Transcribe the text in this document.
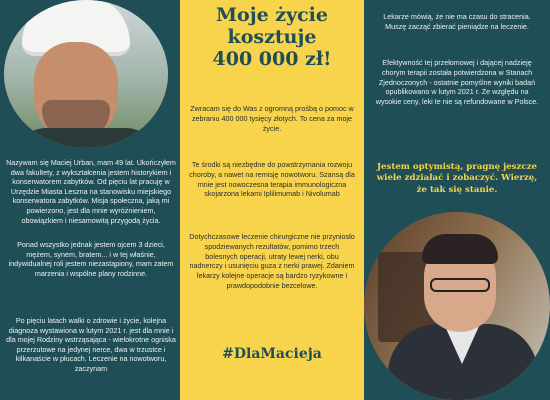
Nazywam się Maciej Urban, mam 49 lat. Ukończyłem dwa fakultety, z wykształcenia jestem historykiem i konserwatorem zabytków. Od pięciu lat pracuję w Urzędzie Miasta Leszna na stanowisku miejskiego konserwatora zabytków. Misja społeczna, jaką mi powierzono, jest dla mnie wyróżnieniem, obowiązkiem i niesamowitą przygodą życia.

Ponad wszystko jednak jestem ojcem 3 dzieci, mężem, synem, bratem... i w tej właśnie, indywidualnej roli jestem niezastąpiony, mam zatem marzenia i wspólne plany rodzinne.

Po pięciu latach walki o zdrowie i życie, kolejna diagnoza wystawiona w lutym 2021 r. jest dla mnie i dla mojej Rodziny wstrząsająca - wielokrotne ogniska przerzutowe na jedynej nerce, dwa w trzustce i kilkanaście w płucach. Leczenie na nowotworu, zaczynam

Moje życie
kosztuje
400 000 zł!

Zwracam się do Was z ogromną prośbą o pomoc w zebraniu 400 000 tysięcy złotych. To cena za moje życie.

Te środki są niezbędne do powstrzymania rozwoju choroby, a nawet na remisję nowotworu. Szansą dla mnie jest nowoczesna terapia immunologiczna skojarzona lekami Iplilimumab i Nivolumab

Dotychczasowe leczenie chirurgiczne nie przyniosło spodziewanych rezultatów, pomimo trzech bolesnych operacji, utraty lewej nerki, obu nadnerczy i usunięciu guza z nerki prawej. Zdaniem lekarzy kolejne operacje są bardzo ryzykowne i prawdopodobnie bezcelowe.

#DlaMacieja

Lekarze mówią, że nie ma czasu do stracenia. Muszę zacząć zbierać pieniądze na leczenie.

Efektywność tej przełomowej i dającej nadzieję chorym terapii została potwierdzona w Stanach Zjednoczonych - ostatnie pomyślne wyniki badań opublikowano w lutym 2021 r. Ze względu na wysokie ceny, leki te nie są refundowane w Polsce.

Jestem optymistą, pragnę jeszcze wiele zdziałać i zobaczyć. Wierzę, że tak się stanie.
